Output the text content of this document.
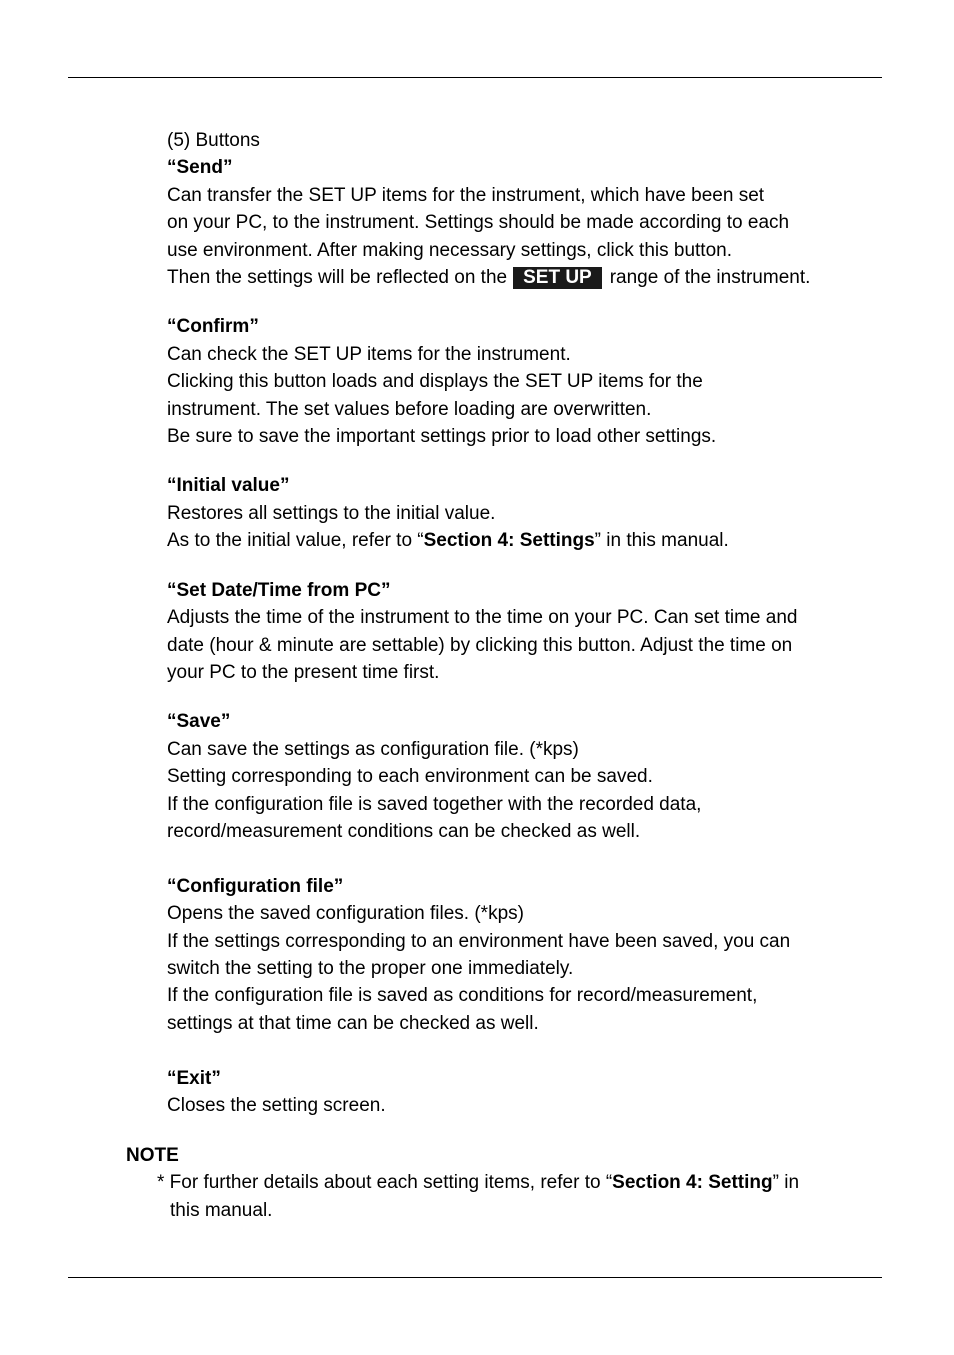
(5) Buttons
“Send”
Can transfer the SET UP items for the instrument, which have been set
on your PC, to the instrument. Settings should be made according to each
use environment. After making necessary settings, click this button.
Then the settings will be reflected on the SET UP range of the instrument.
“Confirm”
Can check the SET UP items for the instrument.
Clicking this button loads and displays the SET UP items for the
instrument. The set values before loading are overwritten.
Be sure to save the important settings prior to load other settings.
“Initial value”
Restores all settings to the initial value.
As to the initial value, refer to “Section 4: Settings” in this manual.
“Set Date/Time from PC”
Adjusts the time of the instrument to the time on your PC. Can set time and
date (hour & minute are settable) by clicking this button. Adjust the time on
your PC to the present time first.
“Save”
Can save the settings as configuration file. (*kps)
Setting corresponding to each environment can be saved.
If the configuration file is saved together with the recorded data,
record/measurement conditions can be checked as well.
“Configuration file”
Opens the saved configuration files. (*kps)
If the settings corresponding to an environment have been saved, you can
switch the setting to the proper one immediately.
If the configuration file is saved as conditions for record/measurement,
settings at that time can be checked as well.
“Exit”
Closes the setting screen.
NOTE
* For further details about each setting items, refer to “Section 4: Setting” in
this manual.
